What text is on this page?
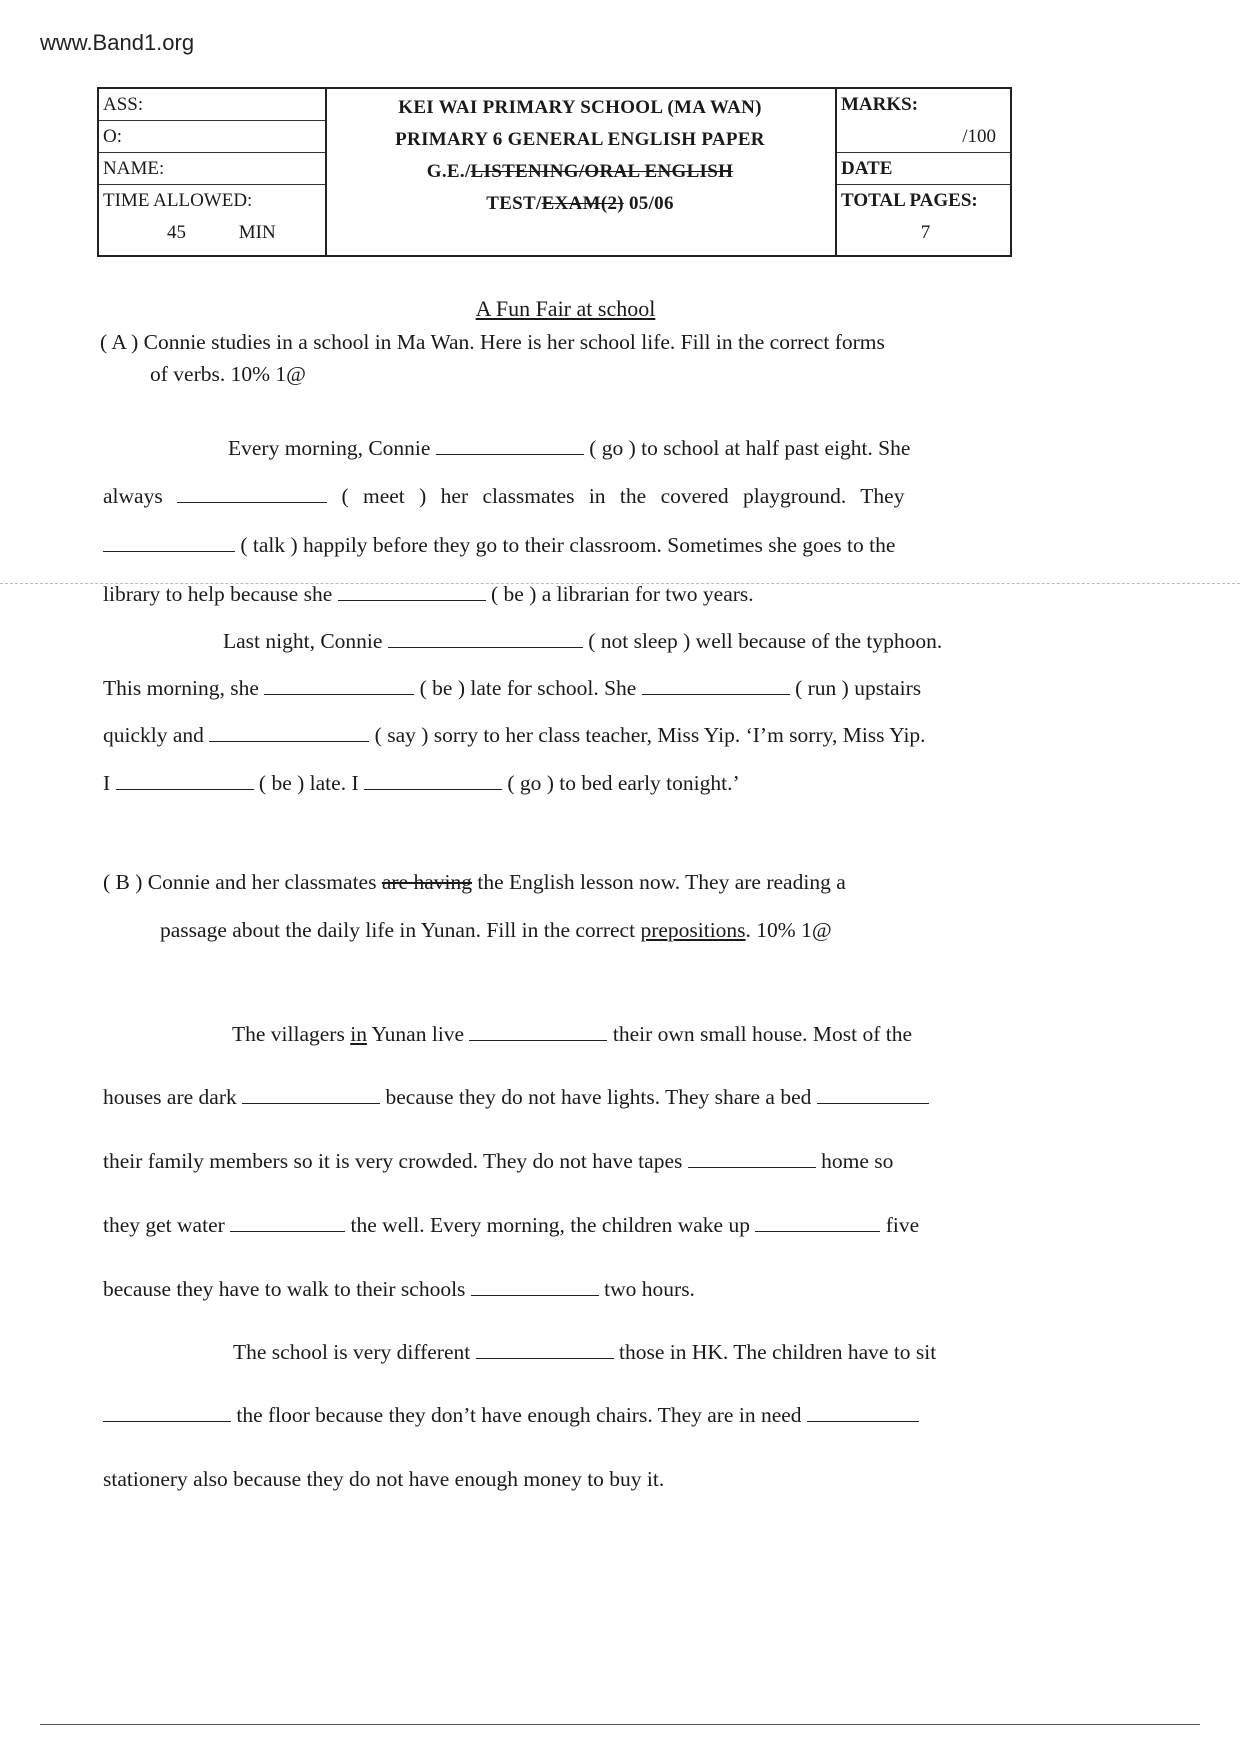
www.Band1.org
ASS:
O:
NAME:
TIME ALLOWED:
45	MIN
KEI WAI PRIMARY SCHOOL (MA WAN)
PRIMARY 6 GENERAL ENGLISH PAPER
G.E./LISTENING/ORAL ENGLISH
TEST/EXAM(2) 05/06
MARKS:
/100
DATE
TOTAL PAGES:
7
A Fun Fair at school
( A ) Connie studies in a school in Ma Wan. Here is her school life. Fill in the correct forms
of verbs. 10% 1@
Every morning, Connie	( go ) to school at half past eight. She
always	( meet ) her classmates in the covered playground. They
( talk ) happily before they go to their classroom. Sometimes she goes to the
library to help because she	( be ) a librarian for two years.
Last night, Connie	( not sleep ) well because of the typhoon.
This morning, she	( be ) late for school. She	( run ) upstairs
quickly and	( say ) sorry to her class teacher, Miss Yip. ‘I’m sorry, Miss Yip.
I	( be ) late. I	( go ) to bed early tonight.’
( B ) Connie and her classmates are having the English lesson now. They are reading a
passage about the daily life in Yunan. Fill in the correct prepositions. 10% 1@
The villagers in Yunan live	their own small house. Most of the
houses are dark	because they do not have lights. They share a bed
their family members so it is very crowded. They do not have tapes	home so
they get water	the well. Every morning, the children wake up	five
because they have to walk to their schools	two hours.
The school is very different	those in HK. The children have to sit
the floor because they don’t have enough chairs. They are in need
stationery also because they do not have enough money to buy it.
